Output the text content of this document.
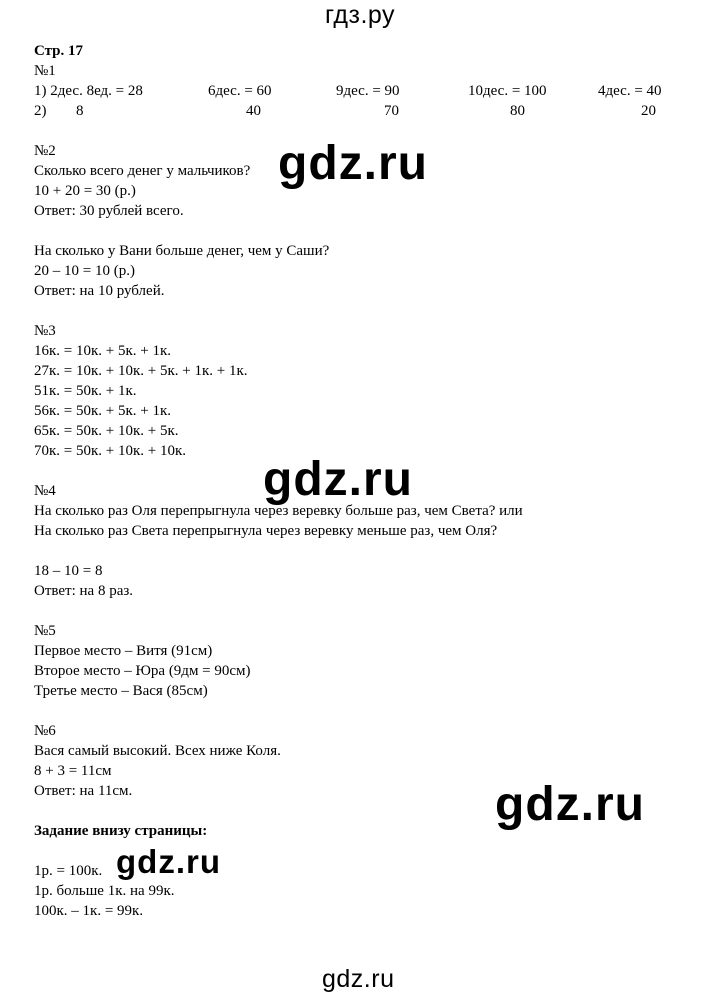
гдз.ру
Стр. 17
№1
1) 2дес. 8ед. = 28	6дес. = 60	9дес. = 90	10дес. = 100	4дес. = 40
2) 8	40	70	80	20
№2
Сколько всего денег у мальчиков?
10 + 20 = 30 (р.)
Ответ: 30 рублей всего.
На сколько у Вани больше денег, чем у Саши?
20 – 10 = 10 (р.)
Ответ: на 10 рублей.
№3
16к. = 10к. + 5к. + 1к.
27к. = 10к. + 10к. + 5к. + 1к. + 1к.
51к. = 50к. + 1к.
56к. = 50к. + 5к. + 1к.
65к. = 50к. + 10к. + 5к.
70к. = 50к. + 10к. + 10к.
№4
На сколько раз Оля перепрыгнула через веревку больше раз, чем Света? или
На сколько раз Света перепрыгнула через веревку меньше раз, чем Оля?
18 – 10 = 8
Ответ: на 8 раз.
№5
Первое место – Витя (91см)
Второе место – Юра (9дм = 90см)
Третье место – Вася (85см)
№6
Вася самый высокий. Всех ниже Коля.
8 + 3 = 11см
Ответ: на 11см.
Задание внизу страницы:
1р. = 100к.
1р. больше 1к. на 99к.
100к. – 1к. = 99к.
gdz.ru
gdz.ru
gdz.ru
gdz.ru
gdz.ru
